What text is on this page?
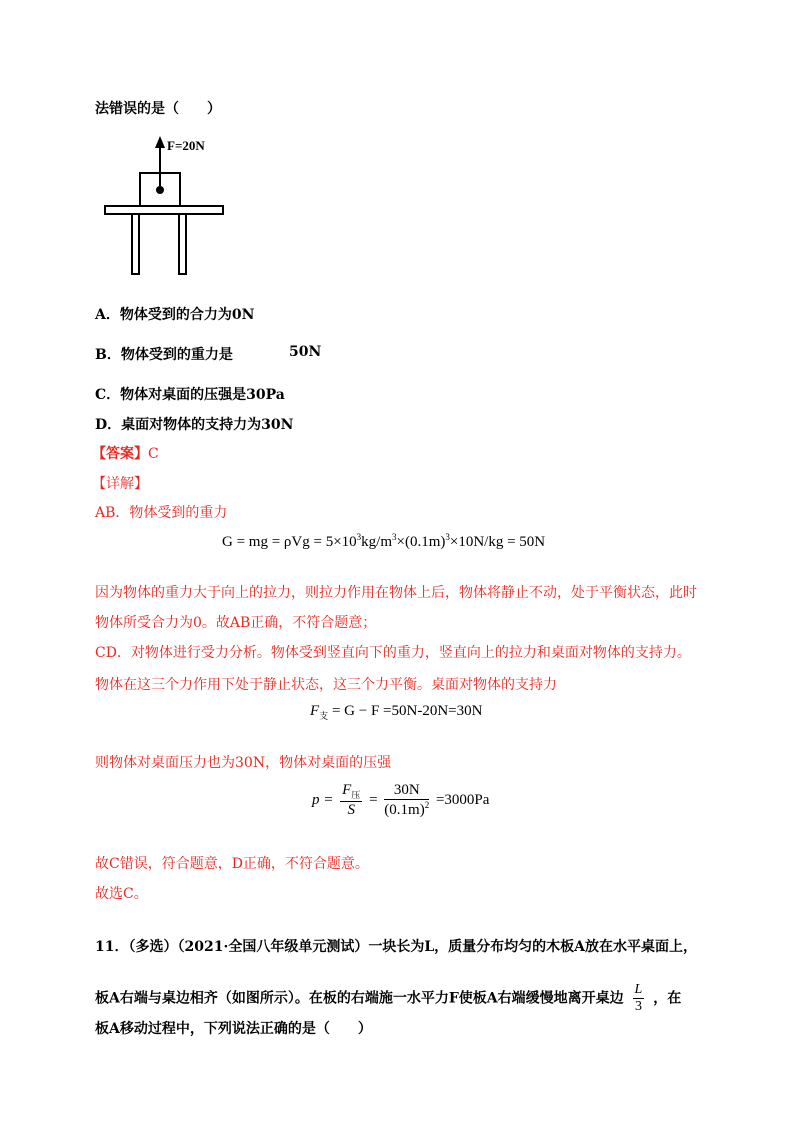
法错误的是（　　）
F=20N
A．物体受到的合力为0N
B．物体受到的重力是	50N
C．物体对桌面的压强是30Pa
D．桌面对物体的支持力为30N
【答案】C
【详解】
AB．物体受到的重力
G = mg = $\rho Vg = 5\times 10^3kg/m^3\times(0.1m)^3\times 10N/kg = 50N$
因为物体的重力大于向上的拉力，则拉力作用在物体上后，物体将静止不动，处于平衡状态，此时
物体所受合力为0。故AB正确，不符合题意；
CD．对物体进行受力分析。物体受到竖直向下的重力，竖直向上的拉力和桌面对物体的支持力。
物体在这三个力作用下处于静止状态，这三个力平衡。桌面对物体的支持力
$F_支 = G - F =50N-20N=30N$
则物体对桌面压力也为30N，物体对桌面的压强
$p = \frac{F_压}{S} = \frac{30N}{(0.1m)^2} =3000Pa$
故C错误，符合题意，D正确，不符合题意。
故选C。
11．（多选）（2021·全国八年级单元测试）一块长为L，质量分布均匀的木板A放在水平桌面上，
板A右端与桌边相齐（如图所示）。在板的右端施一水平力F使板A右端缓慢地离开桌边 $\frac{L}{3}$ ，在
板A移动过程中，下列说法正确的是（　　）
